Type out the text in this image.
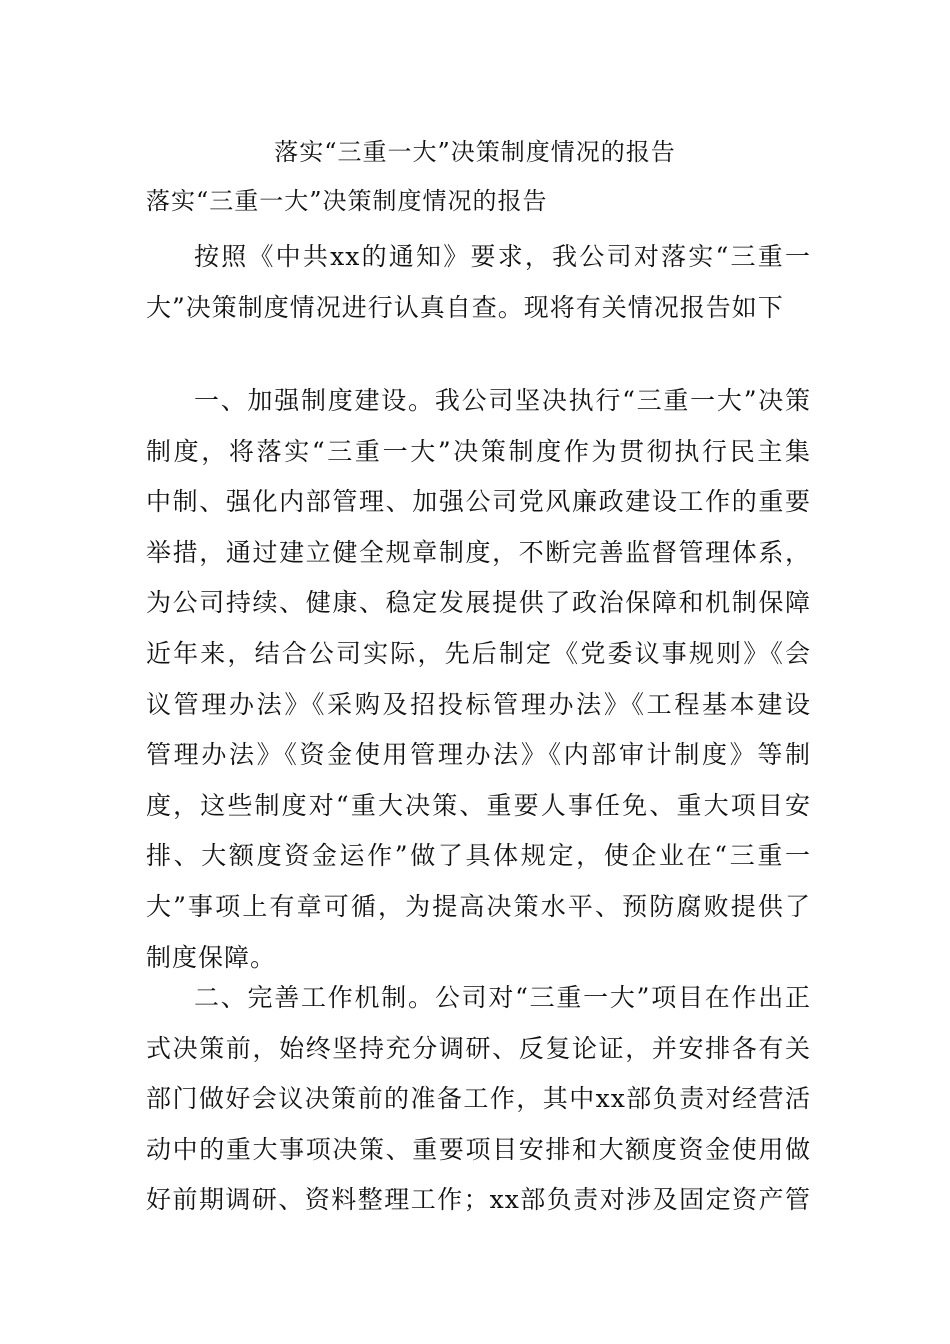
落实“三重一大”决策制度情况的报告
落实“三重一大”决策制度情况的报告
按照《中共xx的通知》要求，我公司对落实“三重一
大”决策制度情况进行认真自查。现将有关情况报告如下
一、加强制度建设。我公司坚决执行“三重一大”决策
制度，将落实“三重一大”决策制度作为贯彻执行民主集
中制、强化内部管理、加强公司党风廉政建设工作的重要
举措，通过建立健全规章制度，不断完善监督管理体系，
为公司持续、健康、稳定发展提供了政治保障和机制保障
近年来，结合公司实际，先后制定《党委议事规则》《会
议管理办法》《采购及招投标管理办法》《工程基本建设
管理办法》《资金使用管理办法》《内部审计制度》等制
度，这些制度对“重大决策、重要人事任免、重大项目安
排、大额度资金运作”做了具体规定，使企业在“三重一
大”事项上有章可循，为提高决策水平、预防腐败提供了
制度保障。
二、完善工作机制。公司对“三重一大”项目在作出正
式决策前，始终坚持充分调研、反复论证，并安排各有关
部门做好会议决策前的准备工作，其中xx部负责对经营活
动中的重大事项决策、重要项目安排和大额度资金使用做
好前期调研、资料整理工作；xx部负责对涉及固定资产管
